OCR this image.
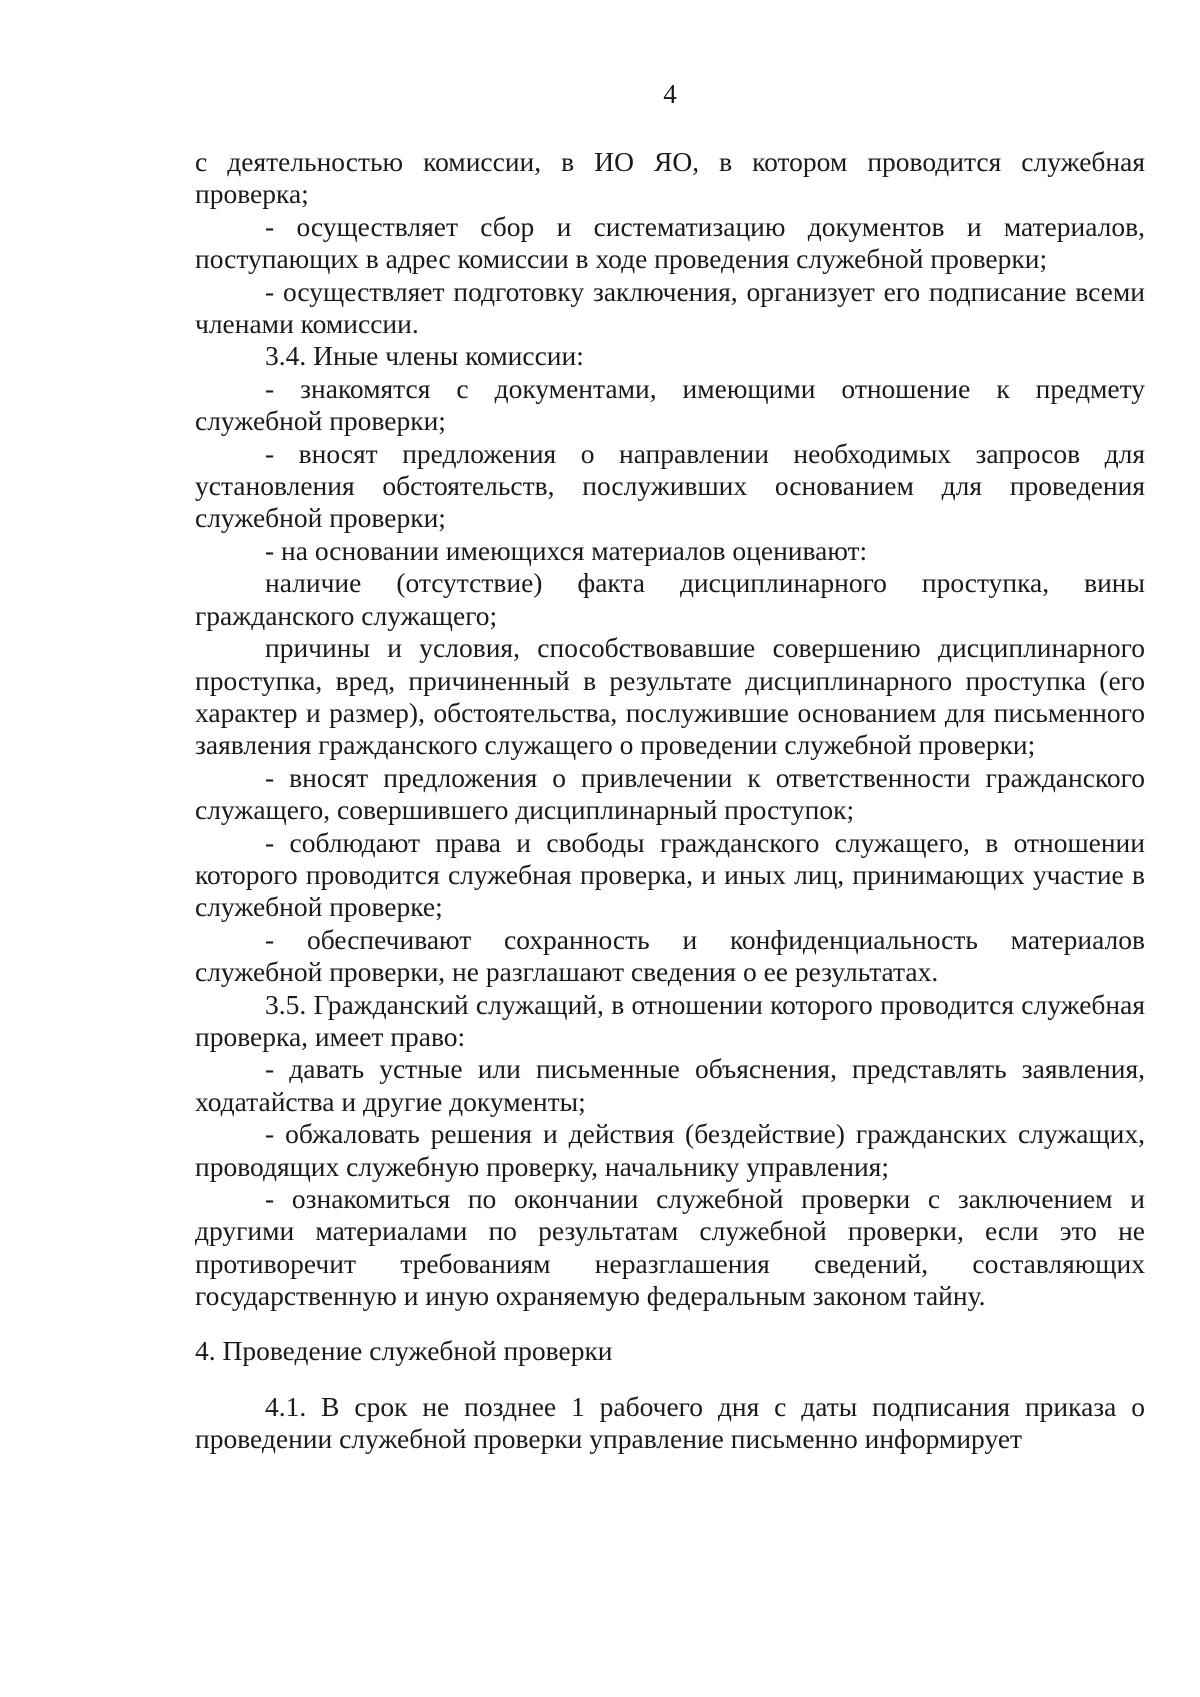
4

с деятельностью комиссии, в ИО ЯО, в котором проводится служебная проверка;

- осуществляет сбор и систематизацию документов и материалов, поступающих в адрес комиссии в ходе проведения служебной проверки;

- осуществляет подготовку заключения, организует его подписание всеми членами комиссии.

3.4. Иные члены комиссии:

- знакомятся с документами, имеющими отношение к предмету служебной проверки;

- вносят предложения о направлении необходимых запросов для установления обстоятельств, послуживших основанием для проведения служебной проверки;

- на основании имеющихся материалов оценивают:

наличие (отсутствие) факта дисциплинарного проступка, вины гражданского служащего;

причины и условия, способствовавшие совершению дисциплинарного проступка, вред, причиненный в результате дисциплинарного проступка (его характер и размер), обстоятельства, послужившие основанием для письменного заявления гражданского служащего о проведении служебной проверки;

- вносят предложения о привлечении к ответственности гражданского служащего, совершившего дисциплинарный проступок;

- соблюдают права и свободы гражданского служащего, в отношении которого проводится служебная проверка, и иных лиц, принимающих участие в служебной проверке;

- обеспечивают сохранность и конфиденциальность материалов служебной проверки, не разглашают сведения о ее результатах.

3.5. Гражданский служащий, в отношении которого проводится служебная проверка, имеет право:

- давать устные или письменные объяснения, представлять заявления, ходатайства и другие документы;

- обжаловать решения и действия (бездействие) гражданских служащих, проводящих служебную проверку, начальнику управления;

- ознакомиться по окончании служебной проверки с заключением и другими материалами по результатам служебной проверки, если это не противоречит требованиям неразглашения сведений, составляющих государственную и иную охраняемую федеральным законом тайну.

4. Проведение служебной проверки

4.1. В срок не позднее 1 рабочего дня с даты подписания приказа о проведении служебной проверки управление письменно информирует
